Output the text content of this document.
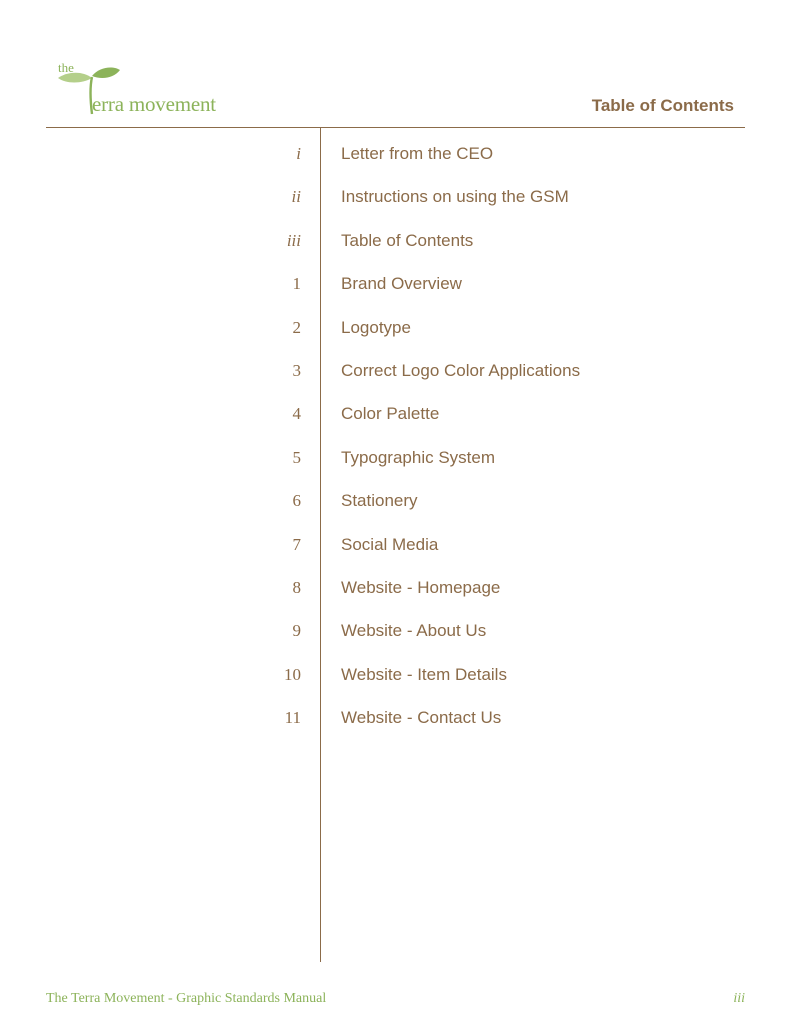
the
erra movement	Table of Contents
i Letter from the CEO
ii Instructions on using the GSM
iii Table of Contents
1 Brand Overview
2 Logotype
3 Correct Logo Color Applications
4 Color Palette
5 Typographic System
6 Stationery
7 Social Media
8 Website - Homepage
9 Website - About Us
10 Website - Item Details
11 Website - Contact Us
The Terra Movement - Graphic Standards Manual	iii
